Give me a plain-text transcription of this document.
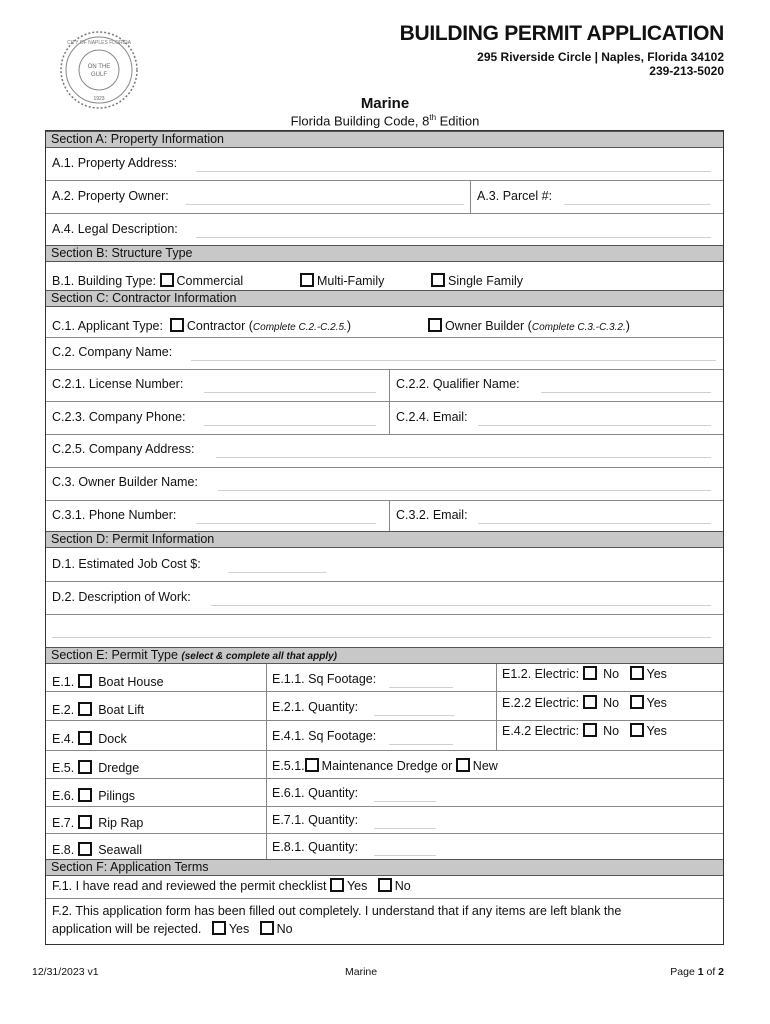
ON THE
GULF
1923
CITY OF NAPLES FLORIDA	BUILDING PERMIT APPLICATION
295 Riverside Circle | Naples, Florida 34102
239-213-5020
Marine
Florida Building Code, 8th Edition
Section A: Property Information
A.1. Property Address:
A.2. Property Owner:	A.3. Parcel #:
A.4. Legal Description:
Section B: Structure Type
B.1. Building Type: Commercial	Multi-Family	Single Family
Section C: Contractor Information
C.1. Applicant Type: Contractor (Complete C.2.-C.2.5.)	Owner Builder (Complete C.3.-C.3.2.)
C.2. Company Name:
C.2.1. License Number:	C.2.2. Qualifier Name:
C.2.3. Company Phone:	C.2.4. Email:
C.2.5. Company Address:
C.3. Owner Builder Name:
C.3.1. Phone Number:	C.3.2. Email:
Section D: Permit Information
D.1. Estimated Job Cost $:
D.2. Description of Work:
Section E: Permit Type (select & complete all that apply)
E.1. Boat House	E.1.1. Sq Footage:	E1.2. Electric: No Yes
E.2. Boat Lift	E.2.1. Quantity:	E.2.2 Electric: No Yes
E.4. Dock	E.4.1. Sq Footage:	E.4.2 Electric: No Yes
E.5. Dredge	E.5.1. Maintenance Dredge or New
E.6. Pilings	E.6.1. Quantity:
E.7. Rip Rap	E.7.1. Quantity:
E.8. Seawall	E.8.1. Quantity:
Section F: Application Terms
F.1. I have read and reviewed the permit checklist Yes No
F.2. This application form has been filled out completely. I understand that if any items are left blank the
application will be rejected. Yes No
12/31/2023 v1	Marine	Page 1 of 2
